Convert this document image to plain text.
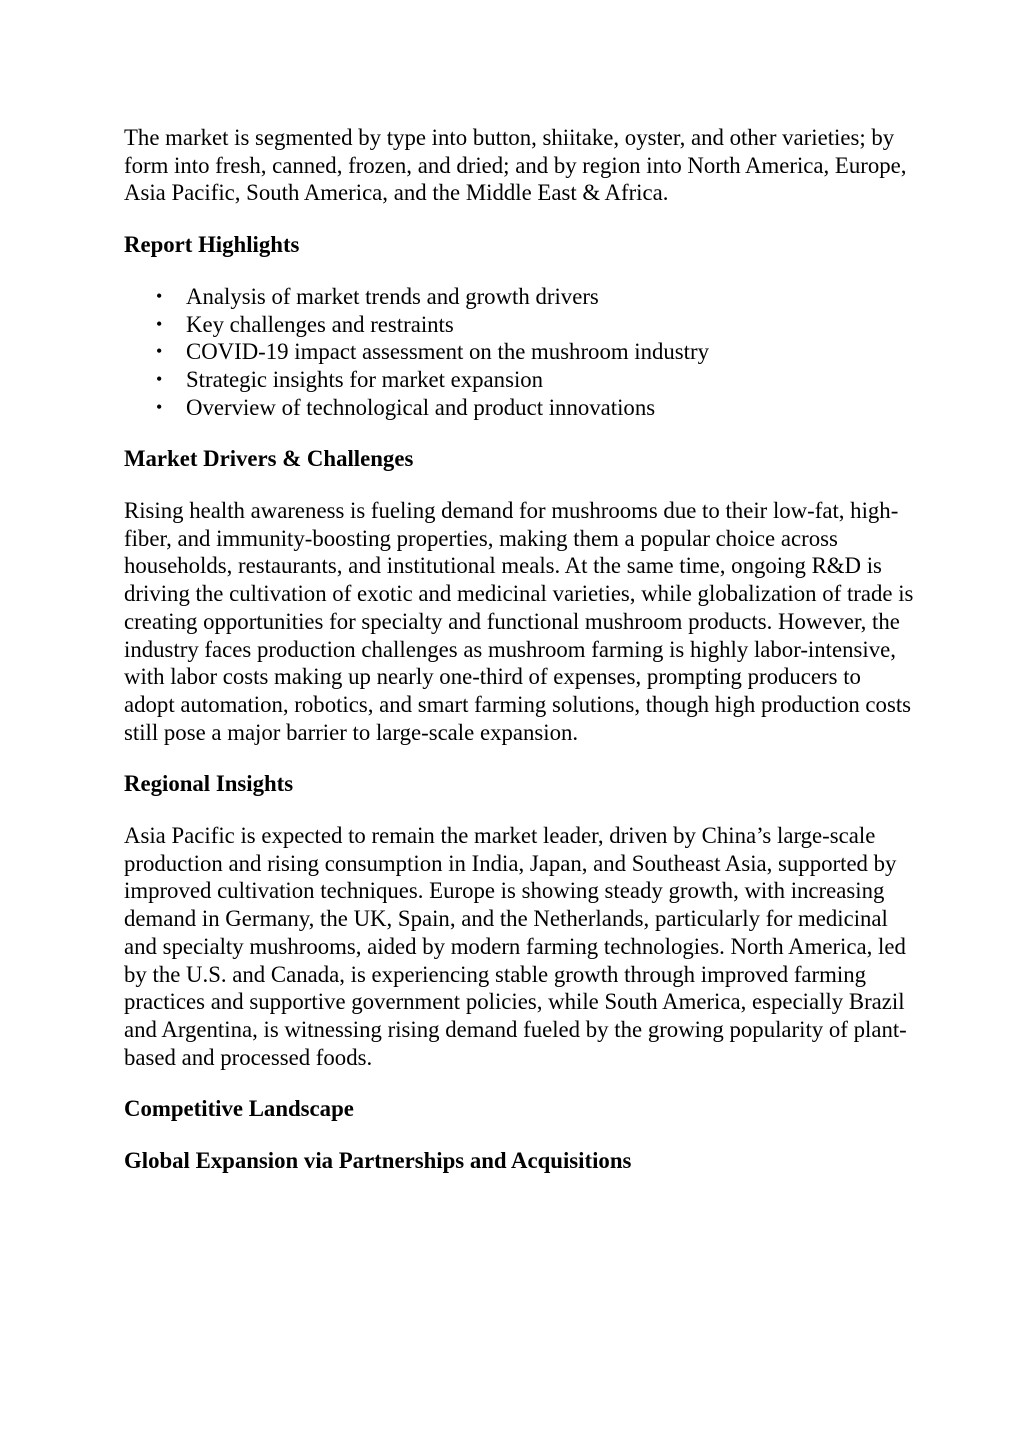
The market is segmented by type into button, shiitake, oyster, and other varieties; by form into fresh, canned, frozen, and dried; and by region into North America, Europe, Asia Pacific, South America, and the Middle East & Africa.

Report Highlights

• Analysis of market trends and growth drivers
• Key challenges and restraints
• COVID-19 impact assessment on the mushroom industry
• Strategic insights for market expansion
• Overview of technological and product innovations

Market Drivers & Challenges

Rising health awareness is fueling demand for mushrooms due to their low-fat, high-fiber, and immunity-boosting properties, making them a popular choice across households, restaurants, and institutional meals. At the same time, ongoing R&D is driving the cultivation of exotic and medicinal varieties, while globalization of trade is creating opportunities for specialty and functional mushroom products. However, the industry faces production challenges as mushroom farming is highly labor-intensive, with labor costs making up nearly one-third of expenses, prompting producers to adopt automation, robotics, and smart farming solutions, though high production costs still pose a major barrier to large-scale expansion.

Regional Insights

Asia Pacific is expected to remain the market leader, driven by China’s large-scale production and rising consumption in India, Japan, and Southeast Asia, supported by improved cultivation techniques. Europe is showing steady growth, with increasing demand in Germany, the UK, Spain, and the Netherlands, particularly for medicinal and specialty mushrooms, aided by modern farming technologies. North America, led by the U.S. and Canada, is experiencing stable growth through improved farming practices and supportive government policies, while South America, especially Brazil and Argentina, is witnessing rising demand fueled by the growing popularity of plant-based and processed foods.

Competitive Landscape

Global Expansion via Partnerships and Acquisitions
